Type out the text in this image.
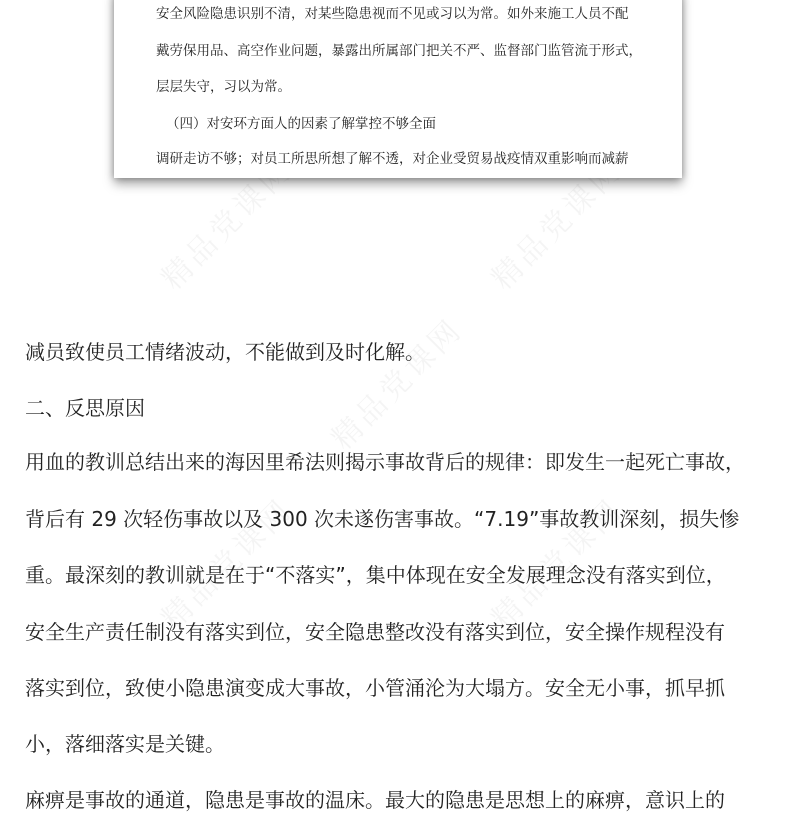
安全风险隐患识别不清，对某些隐患视而不见或习以为常。如外来施工人员不配
戴劳保用品、高空作业问题，暴露出所属部门把关不严、监督部门监管流于形式，
层层失守，习以为常。
（四）对安环方面人的因素了解掌控不够全面
调研走访不够；对员工所思所想了解不透，对企业受贸易战疫情双重影响而减薪
减员致使员工情绪波动，不能做到及时化解。
二、反思原因
用血的教训总结出来的海因里希法则揭示事故背后的规律：即发生一起死亡事故，
背后有 29 次轻伤事故以及 300 次未遂伤害事故。“7.19”事故教训深刻，损失惨
重。最深刻的教训就是在于“不落实”，集中体现在安全发展理念没有落实到位，
安全生产责任制没有落实到位，安全隐患整改没有落实到位，安全操作规程没有
落实到位，致使小隐患演变成大事故，小管涌沦为大塌方。安全无小事，抓早抓
小，落细落实是关键。
麻痹是事故的通道，隐患是事故的温床。最大的隐患是思想上的麻痹，意识上的
